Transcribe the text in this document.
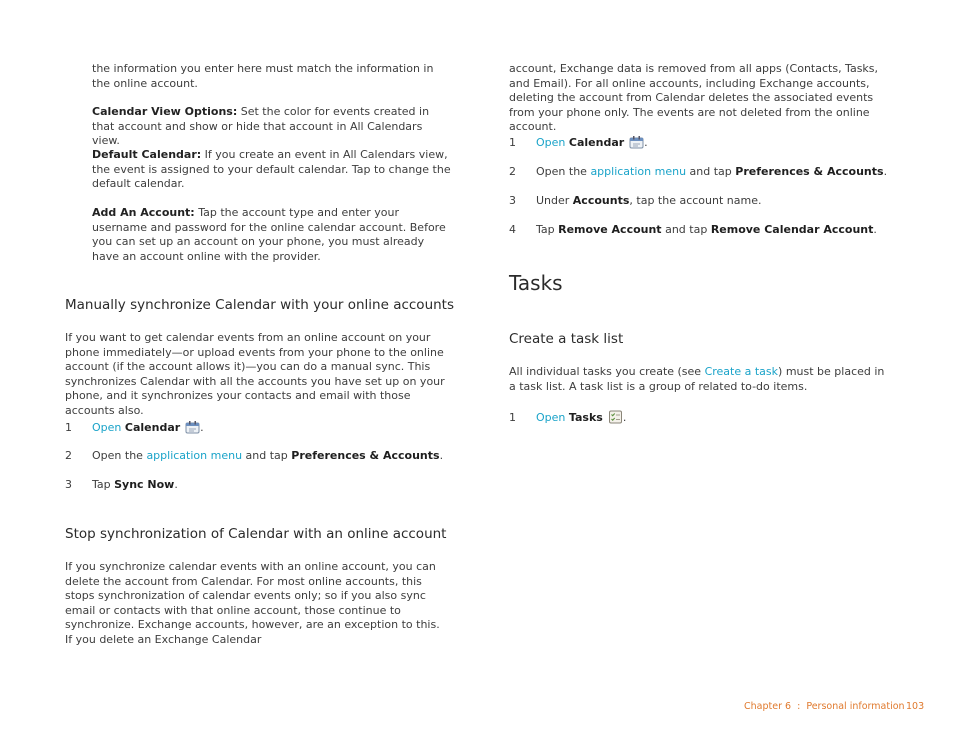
the information you enter here must match the information in the online account.
Calendar View Options: Set the color for events created in that account and show or hide that account in All Calendars view.
Default Calendar: If you create an event in All Calendars view, the event is assigned to your default calendar. Tap to change the default calendar.
Add An Account: Tap the account type and enter your username and password for the online calendar account. Before you can set up an account on your phone, you must already have an account online with the provider.
Manually synchronize Calendar with your online accounts
If you want to get calendar events from an online account on your phone immediately—or upload events from your phone to the online account (if the account allows it)—you can do a manual sync. This synchronizes Calendar with all the accounts you have set up on your phone, and it synchronizes your contacts and email with those accounts also.
1 Open Calendar .
2 Open the application menu and tap Preferences & Accounts.
3 Tap Sync Now.
Stop synchronization of Calendar with an online account
If you synchronize calendar events with an online account, you can delete the account from Calendar. For most online accounts, this stops synchronization of calendar events only; so if you also sync email or contacts with that online account, those continue to synchronize. Exchange accounts, however, are an exception to this. If you delete an Exchange Calendar
account, Exchange data is removed from all apps (Contacts, Tasks, and Email). For all online accounts, including Exchange accounts, deleting the account from Calendar deletes the associated events from your phone only. The events are not deleted from the online account.
1 Open Calendar .
2 Open the application menu and tap Preferences & Accounts.
3 Under Accounts, tap the account name.
4 Tap Remove Account and tap Remove Calendar Account.
Tasks
Create a task list
All individual tasks you create (see Create a task) must be placed in a task list. A task list is a group of related to-do items.
1 Open Tasks .
Chapter 6 : Personal information 103
